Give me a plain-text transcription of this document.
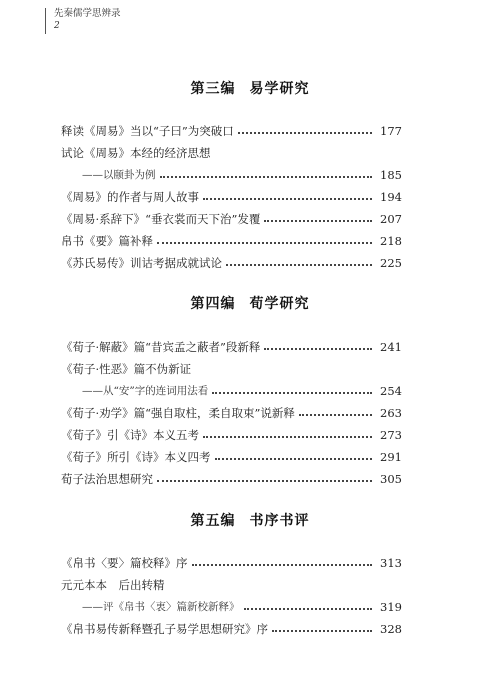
先秦儒学思辨录
2
第三编 易学研究
释读《周易》当以“子曰”为突破口	177
试论《周易》本经的经济思想
——以颐卦为例	185
《周易》的作者与周人故事	194
《周易·系辞下》“垂衣裳而天下治”发覆	207
帛书《要》篇补释	218
《苏氏易传》训诂考据成就试论	225
第四编 荀学研究
《荀子·解蔽》篇“昔宾孟之蔽者”段新释	241
《荀子·性恶》篇不伪新证
——从“安”字的连词用法看	254
《荀子·劝学》篇“强自取柱，柔自取束”说新释	263
《荀子》引《诗》本义五考	273
《荀子》所引《诗》本义四考	291
荀子法治思想研究	305
第五编 书序书评
《帛书〈要〉篇校释》序	313
元元本本　后出转精
——评《帛书〈衷〉篇新校新释》	319
《帛书易传新释暨孔子易学思想研究》序	328
